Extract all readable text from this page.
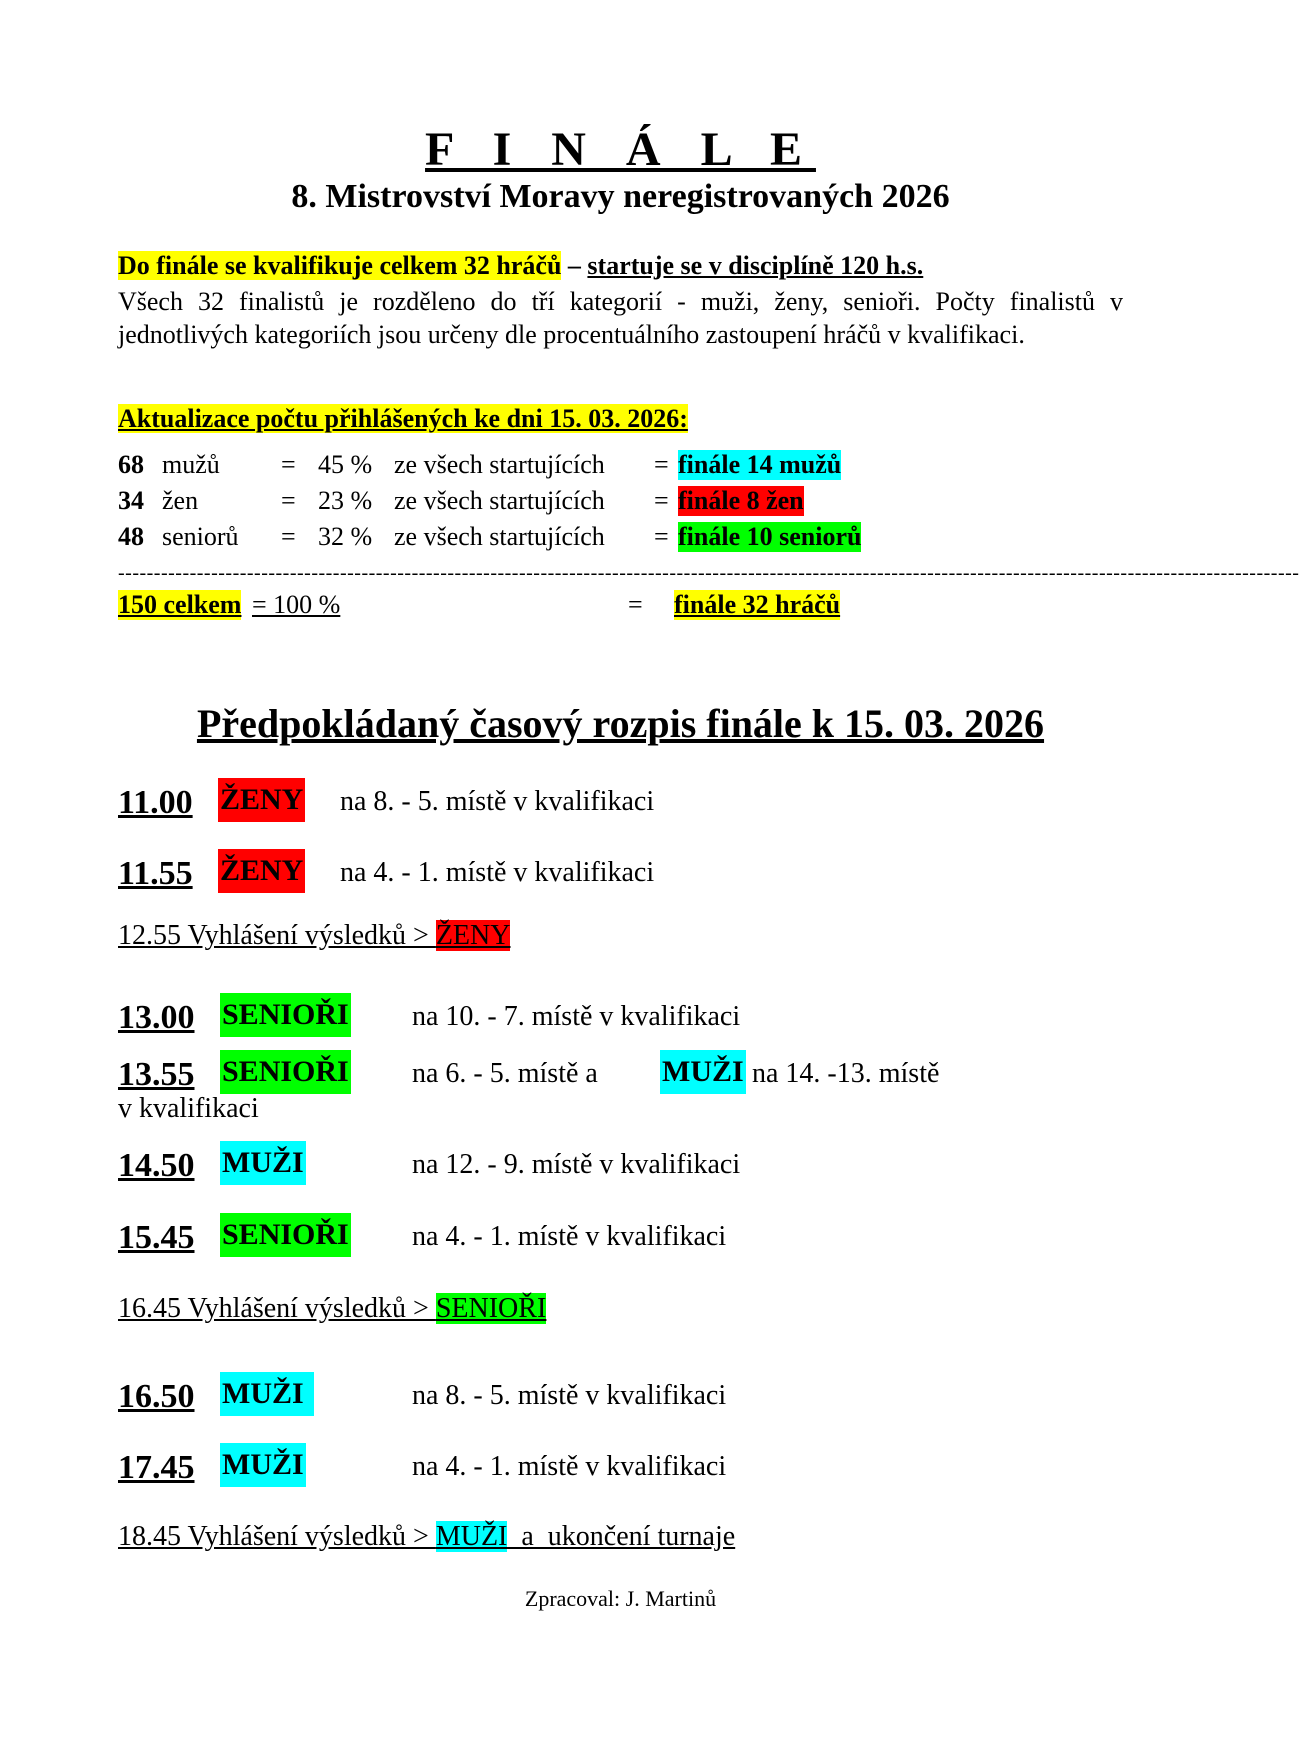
F I N Á L E
8. Mistrovství Moravy neregistrovaných 2026
Do finále se kvalifikuje celkem 32 hráčů – startuje se v disciplíně 120 h.s.
Všech 32 finalistů je rozděleno do tří kategorií - muži, ženy, senioři. Počty finalistů v jednotlivých kategoriích jsou určeny dle procentuálního zastoupení hráčů v kvalifikaci.
Aktualizace počtu přihlášených ke dni 15. 03. 2026:
68 mužů = 45 % ze všech startujících = finále 14 mužů
34 žen	= 23 % ze všech startujících = finále 8 žen
48 seniorů = 32 % ze všech startujících = finále 10 seniorů
---------------------------------------------------------------------------------------------------------------------------------------------------------------------
150 celkem = 100 %	= finále 32 hráčů
Předpokládaný časový rozpis finále k 15. 03. 2026
11.00 ŽENY na 8. - 5. místě v kvalifikaci
11.55 ŽENY na 4. - 1. místě v kvalifikaci
12.55 Vyhlášení výsledků > ŽENY
13.00 SENIOŘI na 10. - 7. místě v kvalifikaci
13.55 SENIOŘI na 6. - 5. místě a MUŽI na 14. -13. místě
v kvalifikaci
14.50 MUŽI	na 12. - 9. místě v kvalifikaci
15.45 SENIOŘI na 4. - 1. místě v kvalifikaci
16.45 Vyhlášení výsledků > SENIOŘI
16.50 MUŽI	na 8. - 5. místě v kvalifikaci
17.45 MUŽI	na 4. - 1. místě v kvalifikaci
18.45 Vyhlášení výsledků > MUŽI  a  ukončení turnaje
Zpracoval: J. Martinů
